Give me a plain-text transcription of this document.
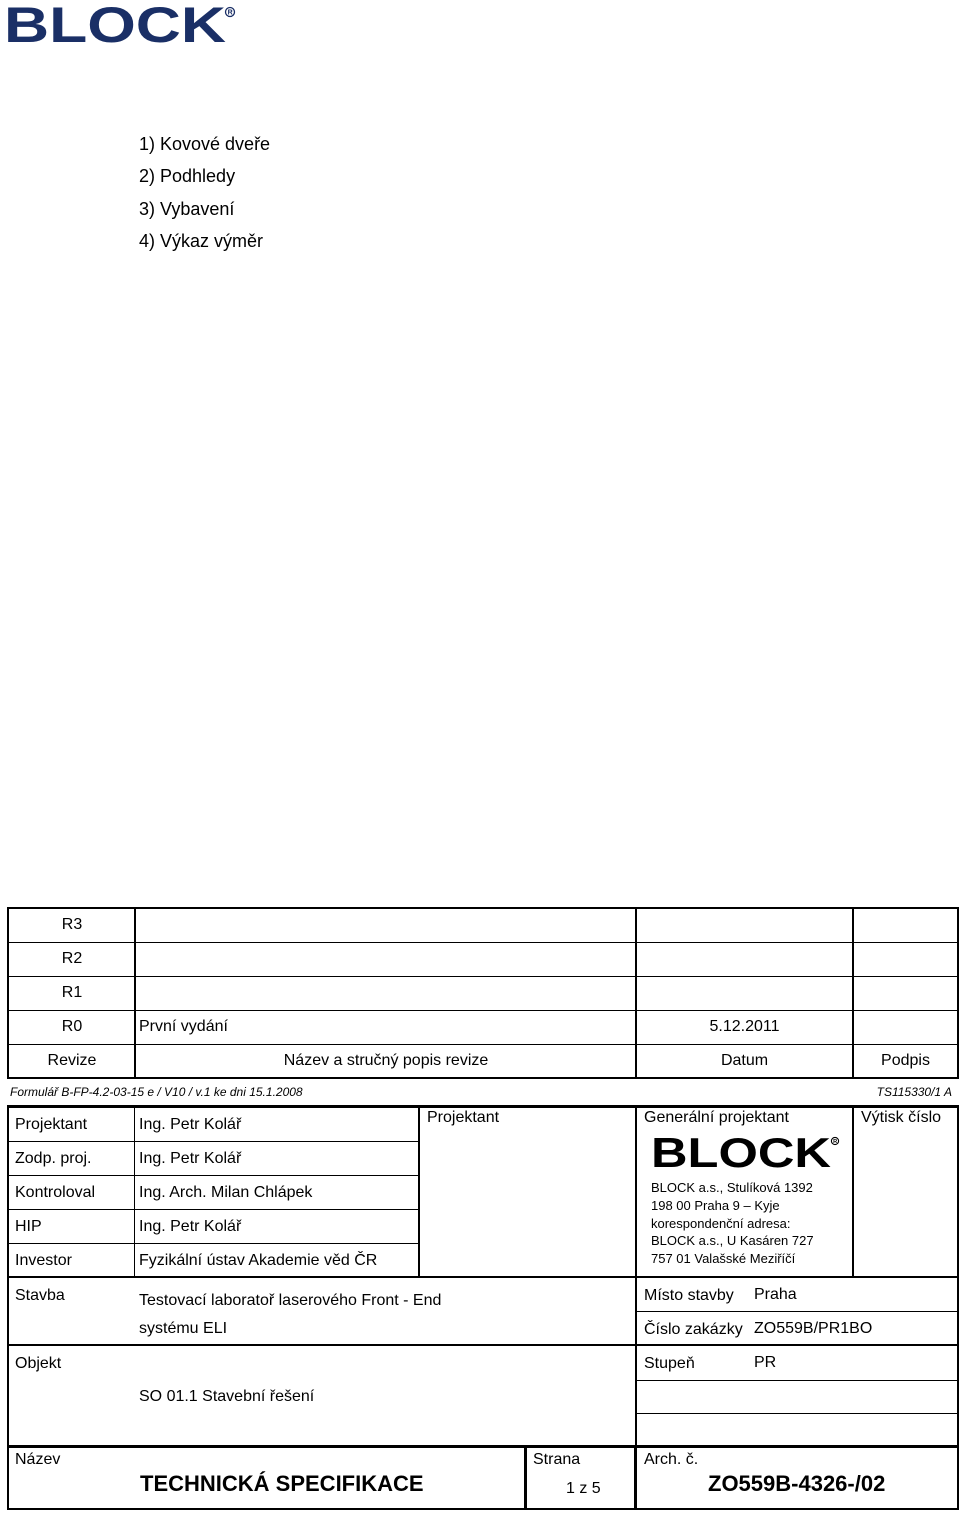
BLOCK R
1) Kovové dveře
2) Podhledy
3) Vybavení
4) Výkaz výměr
R3
R2
R1
R0	První vydání	5.12.2011
Revize	Název a stručný popis revize	Datum	Podpis
Formulář B-FP-4.2-03-15 e / V10 / v.1 ke dni 15.1.2008	TS115330/1 A
Projektant	Ing. Petr Kolář
Zodp. proj.	Ing. Petr Kolář
Kontroloval	Ing. Arch. Milan Chlápek
HIP	Ing. Petr Kolář
Investor	Fyzikální ústav Akademie věd ČR
Projektant	Generální projektant	Výtisk číslo
BLOCK R
BLOCK a.s., Stulíková 1392
198 00 Praha 9 – Kyje
korespondenční adresa:
BLOCK a.s., U Kasáren 727
757 01 Valašské Meziříčí
Stavba	Testovací laboratoř laserového Front - End
systému ELI
Místo stavby Praha
Číslo zakázky ZO559B/PR1BO
Objekt
SO 01.1 Stavební řešení
Stupeň	PR
Název
TECHNICKÁ SPECIFIKACE
Strana
1 z 5
Arch. č.
ZO559B-4326-/02
